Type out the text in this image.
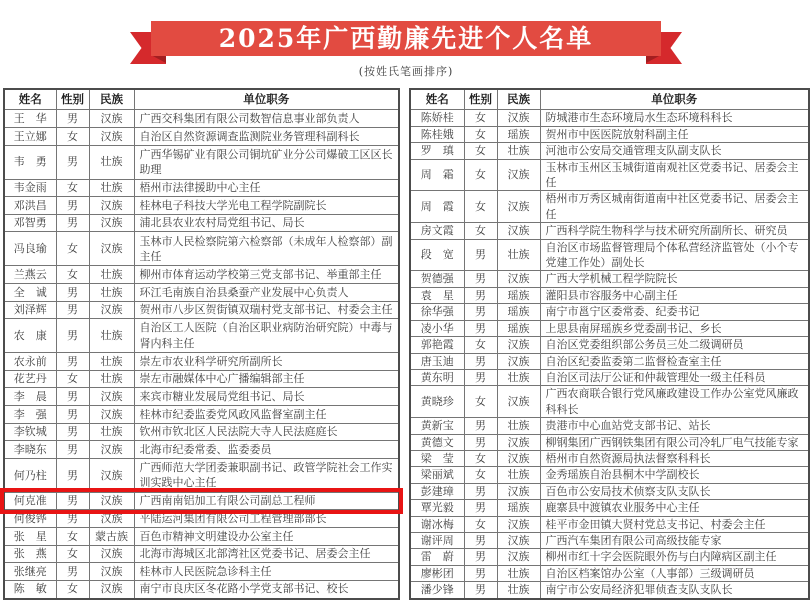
2025年广西勤廉先进个人名单
(按姓氏笔画排序)
姓名	性别	民族	单位职务
王　华	男	汉族	广西交科集团有限公司数智信息事业部负责人
王立娜	女	汉族	自治区自然资源调查监测院业务管理科副科长
韦　勇	男	壮族	广西华锡矿业有限公司铜坑矿业分公司爆破工区区长助理
韦金雨	女	壮族	梧州市法律援助中心主任
邓洪昌	男	汉族	桂林电子科技大学光电工程学院副院长
邓智勇	男	汉族	浦北县农业农村局党组书记、局长
冯良瑜	女	汉族	玉林市人民检察院第六检察部（未成年人检察部）副主任
兰燕云	女	壮族	柳州市体育运动学校第三党支部书记、举重部主任
全　诚	男	壮族	环江毛南族自治县桑蚕产业发展中心负责人
刘泽辉	男	汉族	贺州市八步区贺街镇双瑞村党支部书记、村委会主任
农　康	男	壮族	自治区工人医院（自治区职业病防治研究院）中毒与肾内科主任
农永前	男	壮族	崇左市农业科学研究所副所长
花艺丹	女	壮族	崇左市融媒体中心广播编辑部主任
李　晨	男	汉族	来宾市糖业发展局党组书记、局长
李　强	男	汉族	桂林市纪委监委党风政风监督室副主任
李钦城	男	壮族	钦州市钦北区人民法院大寺人民法庭庭长
李晓东	男	汉族	北海市纪委常委、监委委员
何乃柱	男	汉族	广西师范大学团委兼职副书记、政管学院社会工作实训实践中心主任
何克准	男	汉族	广西南南铝加工有限公司副总工程师
何俊铧	男	汉族	平陆运河集团有限公司工程管理部部长
张　星	女	蒙古族	百色市精神文明建设办公室主任
张　燕	女	汉族	北海市海城区北部湾社区党委书记、居委会主任
张继亮	男	汉族	桂林市人民医院急诊科主任
陈　敏	女	汉族	南宁市良庆区冬花路小学党支部书记、校长
姓名	性别	民族	单位职务
陈娇桂	女	汉族	防城港市生态环境局水生态环境科科长
陈桂娥	女	瑶族	贺州市中医医院放射科副主任
罗　瑱	女	壮族	河池市公安局交通管理支队副支队长
周　霜	女	汉族	玉林市玉州区玉城街道南观社区党委书记、居委会主任
周　霞	女	汉族	梧州市万秀区城南街道南中社区党委书记、居委会主任
房文霞	女	汉族	广西科学院生物科学与技术研究所副所长、研究员
段　宽	男	壮族	自治区市场监督管理局个体私营经济监管处（小个专党建工作处）副处长
贺德强	男	汉族	广西大学机械工程学院院长
袁　星	男	瑶族	灌阳县市容服务中心副主任
徐华强	男	瑶族	南宁市邕宁区委常委、纪委书记
凌小华	男	瑶族	上思县南屏瑶族乡党委副书记、乡长
郭艳霞	女	汉族	自治区党委组织部公务员三处二级调研员
唐玉迪	男	汉族	自治区纪委监委第二监督检查室主任
黄东明	男	壮族	自治区司法厅公证和仲裁管理处一级主任科员
黄晓珍	女	汉族	广西农商联合银行党风廉政建设工作办公室党风廉政科科长
黄新宝	男	壮族	贵港市中心血站党支部书记、站长
黄德文	男	汉族	柳钢集团广西钢铁集团有限公司冷轧厂电气技能专家
梁　莹	女	汉族	梧州市自然资源局执法督察科科长
梁丽斌	女	壮族	金秀瑶族自治县桐木中学副校长
彭建璋	男	汉族	百色市公安局技术侦察支队支队长
覃光毅	男	瑶族	鹿寨县中渡镇农业服务中心主任
谢冰梅	女	汉族	桂平市金田镇大贤村党总支书记、村委会主任
谢评周	男	汉族	广西汽车集团有限公司高级技能专家
雷　蔚	男	汉族	柳州市红十字会医院眼外伤与白内障病区副主任
廖彬团	男	壮族	自治区档案馆办公室（人事部）三级调研员
潘少锋	男	壮族	南宁市公安局经济犯罪侦查支队支队长
